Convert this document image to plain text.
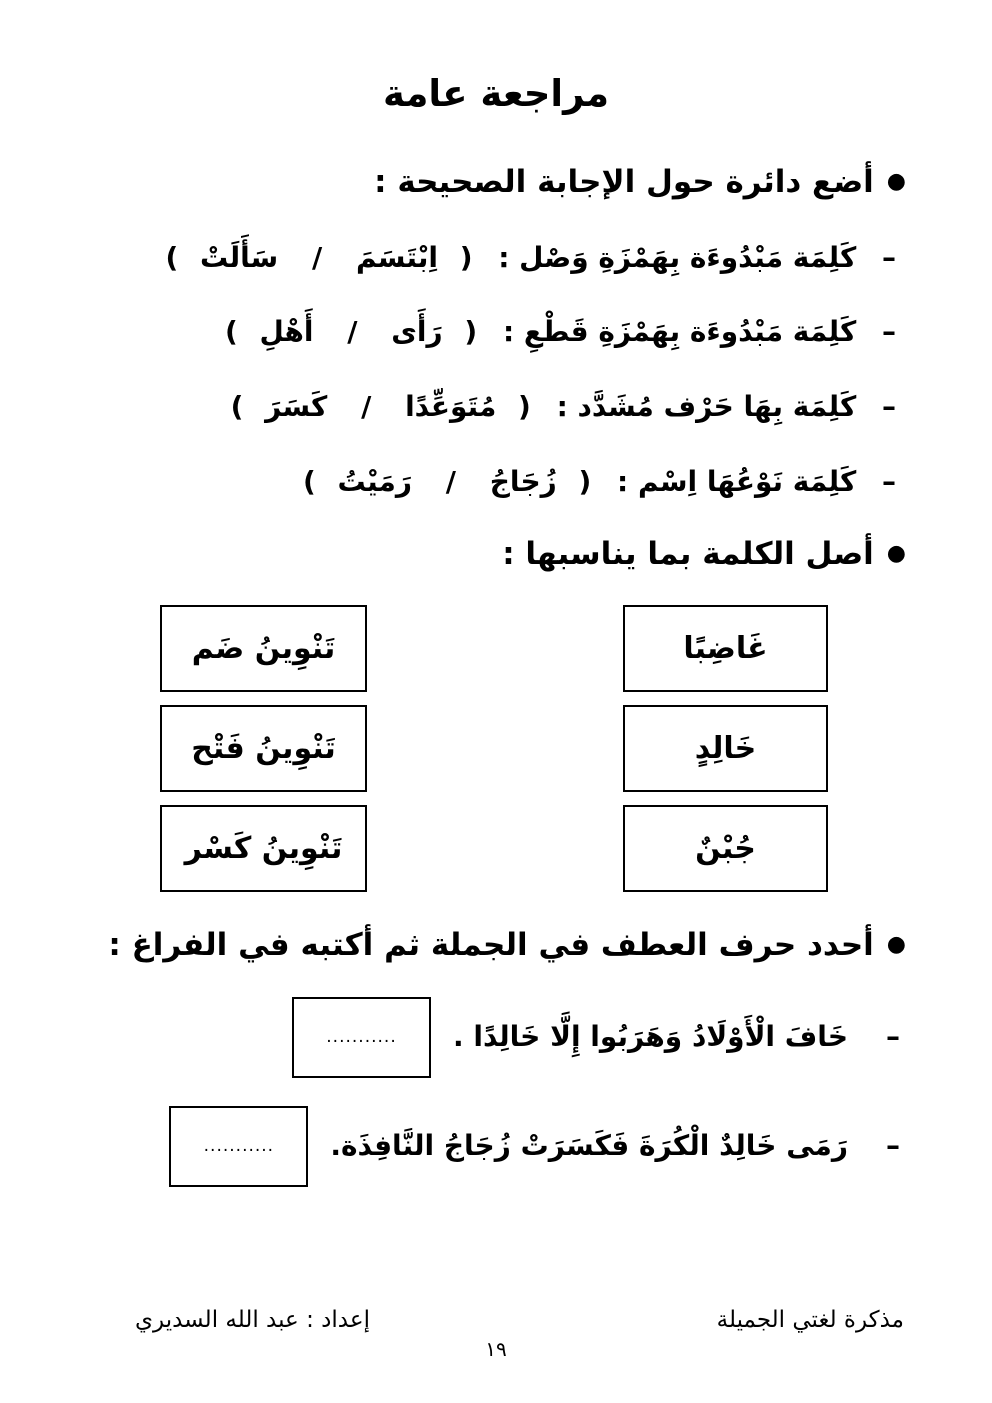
مراجعة عامة
●
أضع دائرة حول الإجابة الصحيحة :
– كَلِمَة مَبْدُوءَة بِهَمْزَةِ وَصْل : ( اِبْتَسَمَ / سَأَلَتْ )
– كَلِمَة مَبْدُوءَة بِهَمْزَةِ قَطْعِ : ( رَأَى / أَهْلِ )
– كَلِمَة بِهَا حَرْف مُشَدَّد : ( مُتَوَعِّدًا / كَسَرَ )
– كَلِمَة نَوْعُهَا اِسْم : ( زُجَاجُ / رَمَيْتُ )
●
أصل الكلمة بما يناسبها :
غَاضِبًا
خَالِدٍ
جُبْنٌ
تَنْوِينُ ضَم
تَنْوِينُ فَتْح
تَنْوِينُ كَسْر
●
أحدد حرف العطف في الجملة ثم أكتبه في الفراغ :
–
خَافَ الْأَوْلَادُ وَهَرَبُوا إِلَّا خَالِدًا .
...........
–
رَمَى خَالِدٌ الْكُرَةَ فَكَسَرَتْ زُجَاجُ النَّافِذَة.
...........
مذكرة لغتي الجميلة
إعداد : عبد الله السديري
١٩
